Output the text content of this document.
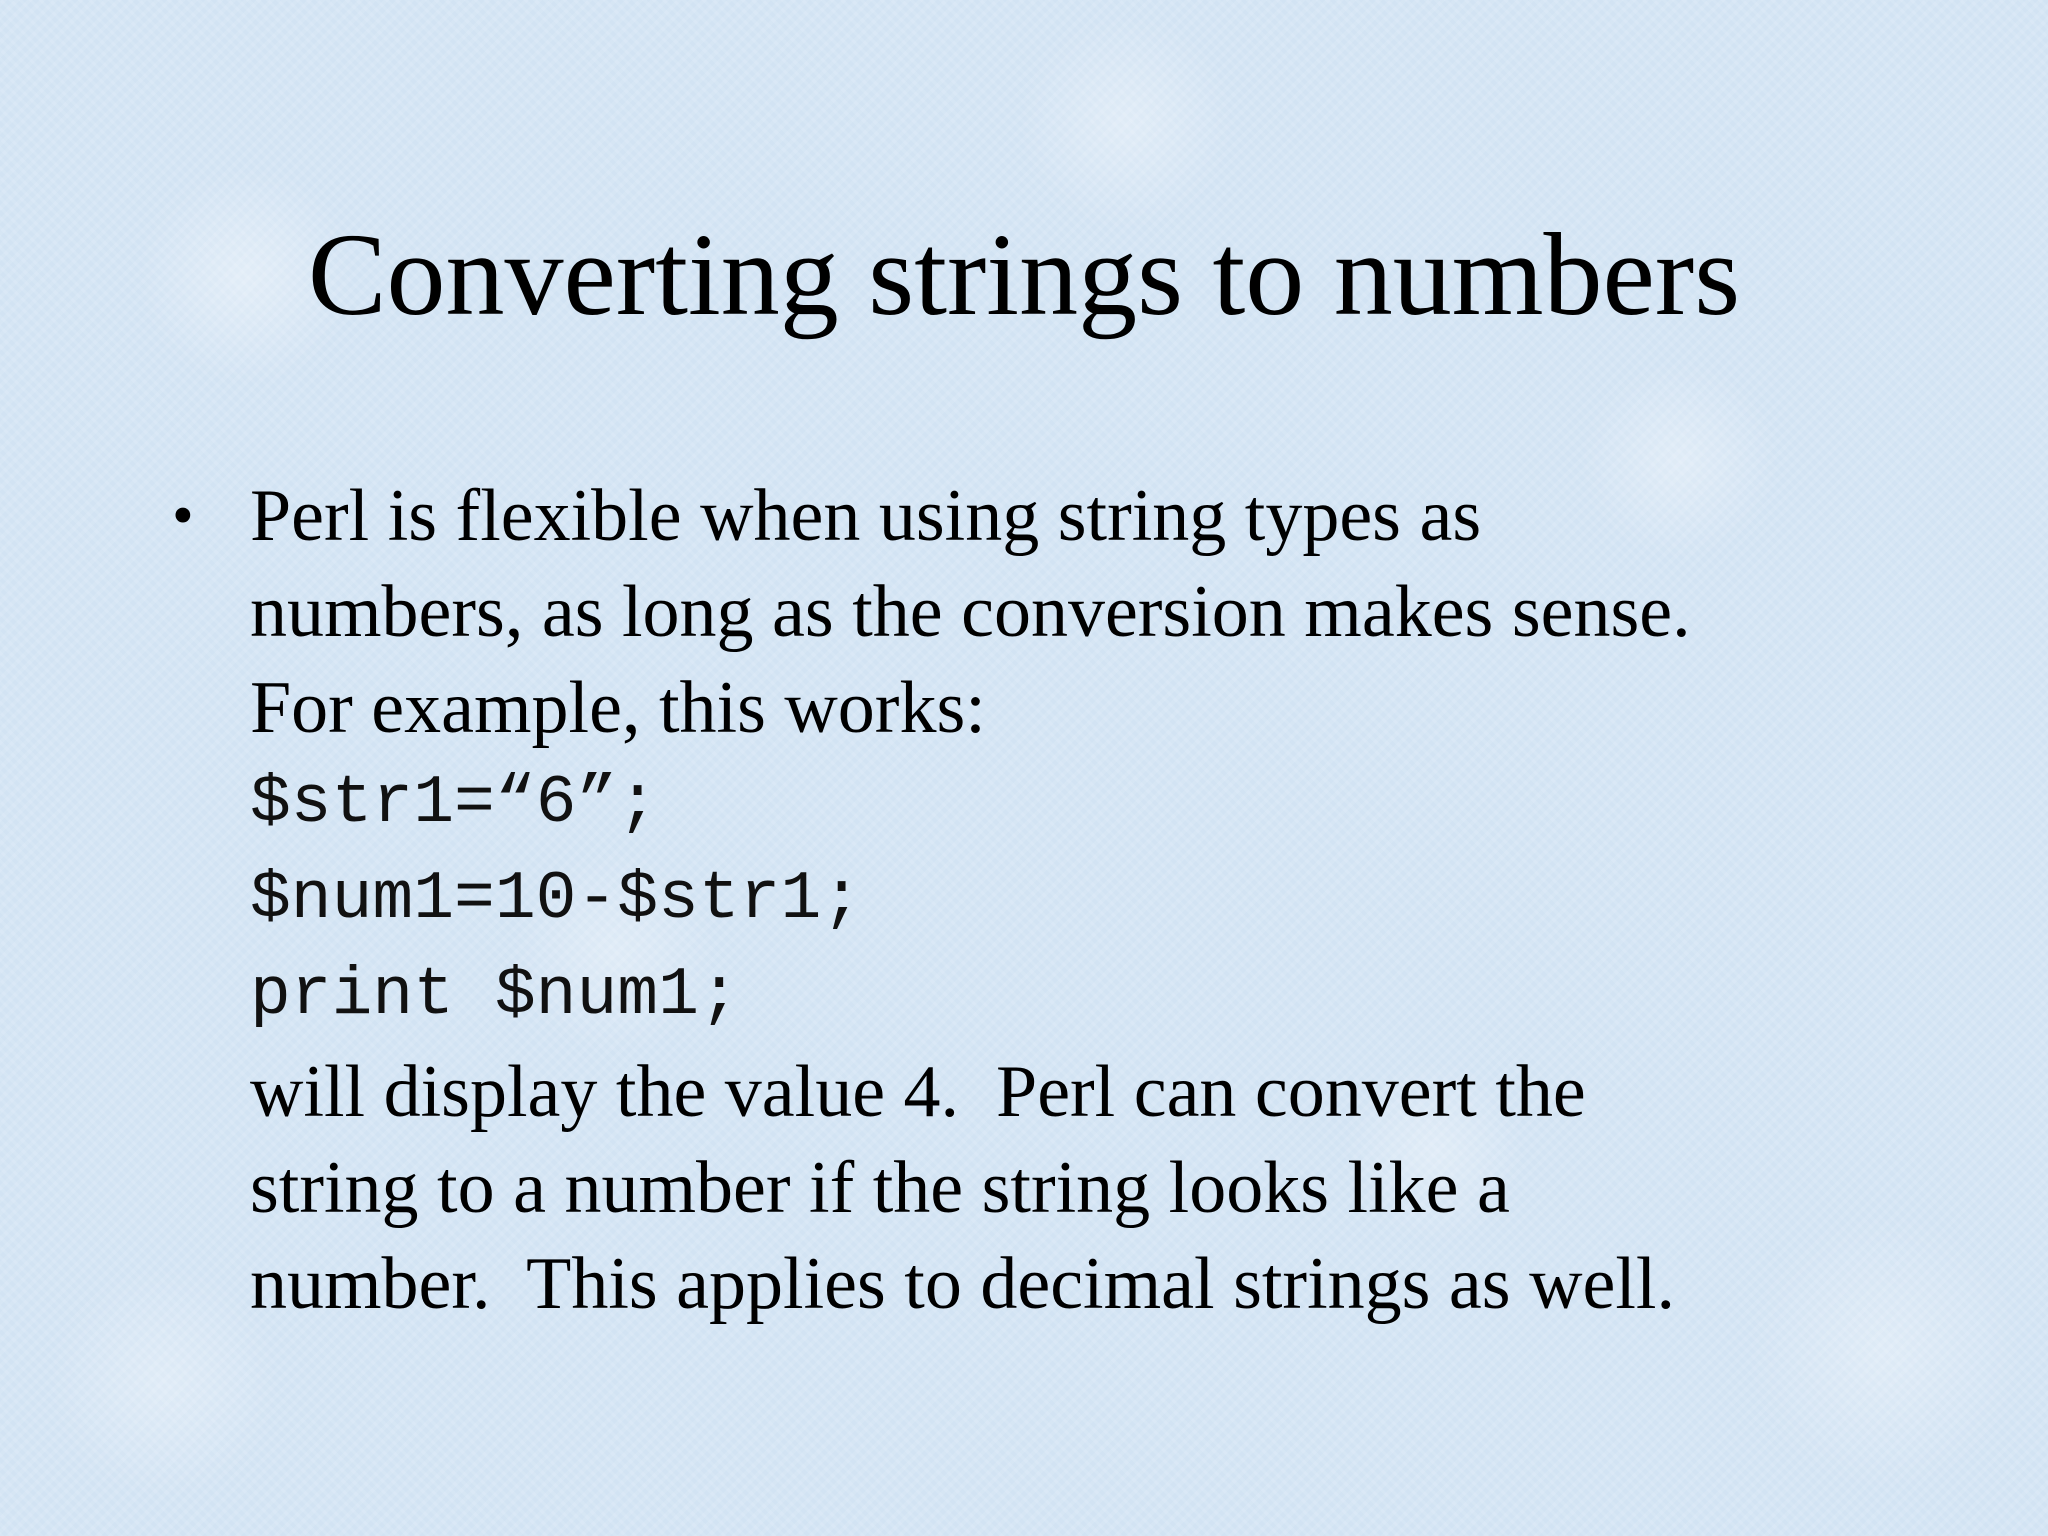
Converting strings to numbers
• Perl is flexible when using string types as
numbers, as long as the conversion makes sense.
For example, this works:
$str1=“6”;
$num1=10-$str1;
print $num1;
will display the value 4.  Perl can convert the
string to a number if the string looks like a
number.  This applies to decimal strings as well.
